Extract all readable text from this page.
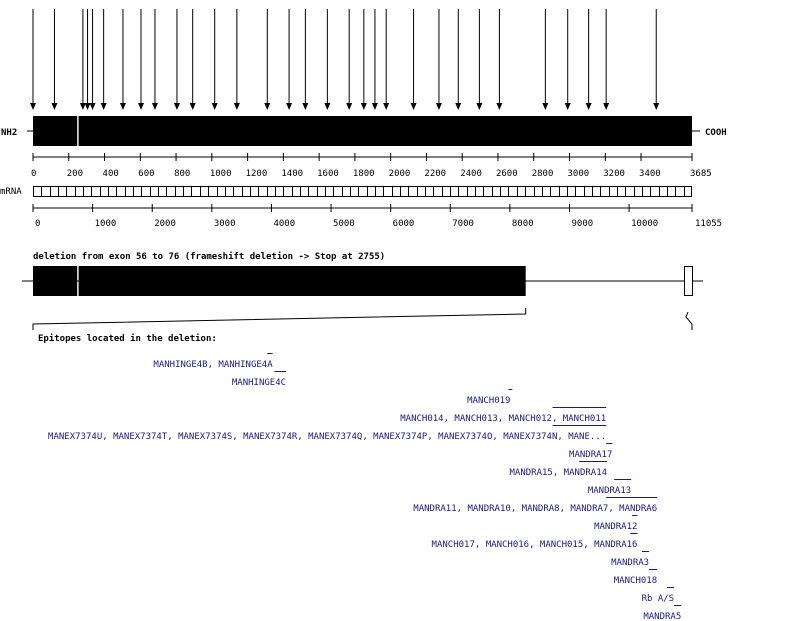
NH2	COOH
0	200 400 600 800 1000 1200 1400 1600 1800 2000 2200 2400 2600 2800 3000 3200 3400	3685
mRNA
0	1000	2000	3000	4000	5000	6000	7000	8000	9000	10000	11055
deletion from exon 56 to 76 (frameshift deletion -> Stop at 2755)
Epitopes located in the deletion:
MANHINGE4B, MANHINGE4A
MANHINGE4C
MANCH019
MANCH014, MANCH013, MANCH012, MANCH011
MANEX7374U, MANEX7374T, MANEX7374S, MANEX7374R, MANEX7374Q, MANEX7374P, MANEX7374O, MANEX7374N, MANE...
MANDRA17
MANDRA15, MANDRA14
MANDRA13
MANDRA11, MANDRA10, MANDRA8, MANDRA7, MANDRA6
MANDRA12
MANCH017, MANCH016, MANCH015, MANDRA16
MANDRA3
MANCH018
Rb A/S
MANDRA5
